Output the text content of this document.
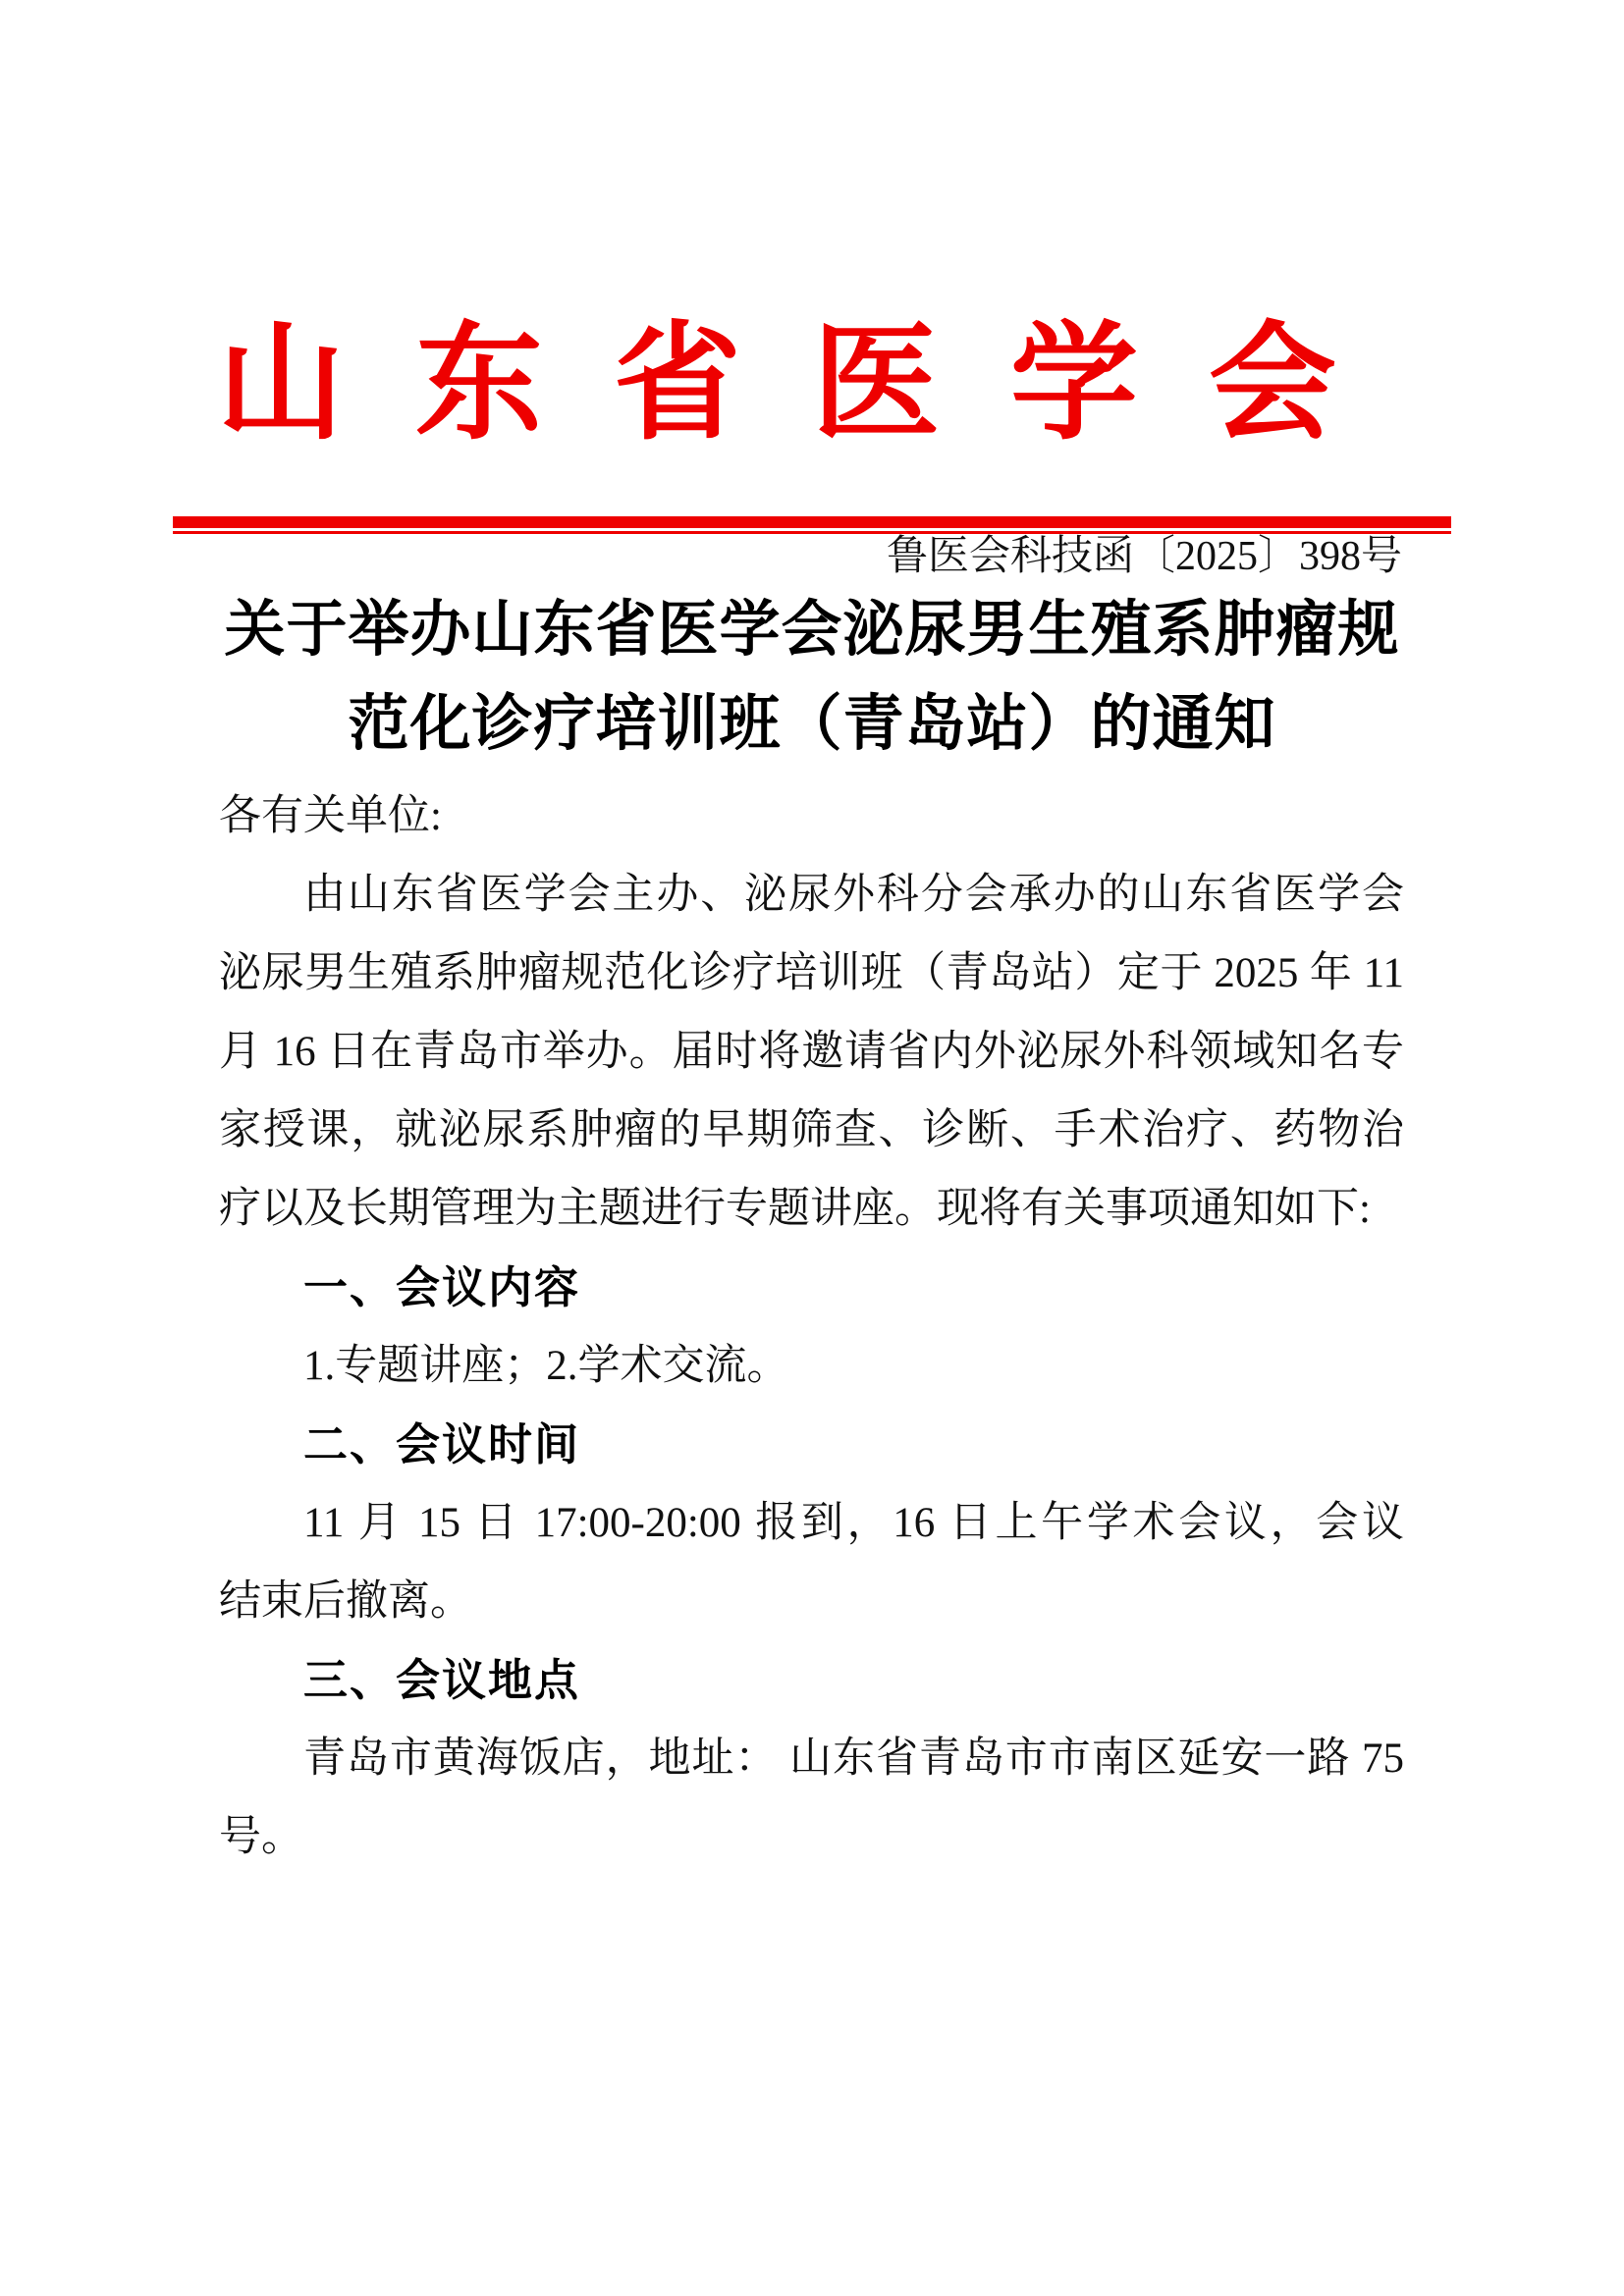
山东省医学会
鲁医会科技函〔2025〕398号
关于举办山东省医学会泌尿男生殖系肿瘤规
范化诊疗培训班（青岛站）的通知
各有关单位:
由山东省医学会主办、泌尿外科分会承办的山东省医学会
泌尿男生殖系肿瘤规范化诊疗培训班（青岛站）定于 2025 年 11
月 16 日在青岛市举办。届时将邀请省内外泌尿外科领域知名专
家授课，就泌尿系肿瘤的早期筛查、诊断、手术治疗、药物治
疗以及长期管理为主题进行专题讲座。现将有关事项通知如下:
一、会议内容
1.专题讲座；2.学术交流。
二、会议时间
11 月 15 日 17:00-20:00 报到，16 日上午学术会议，会议
结束后撤离。
三、会议地点
青岛市黄海饭店，地址： 山东省青岛市市南区延安一路 75
号。
